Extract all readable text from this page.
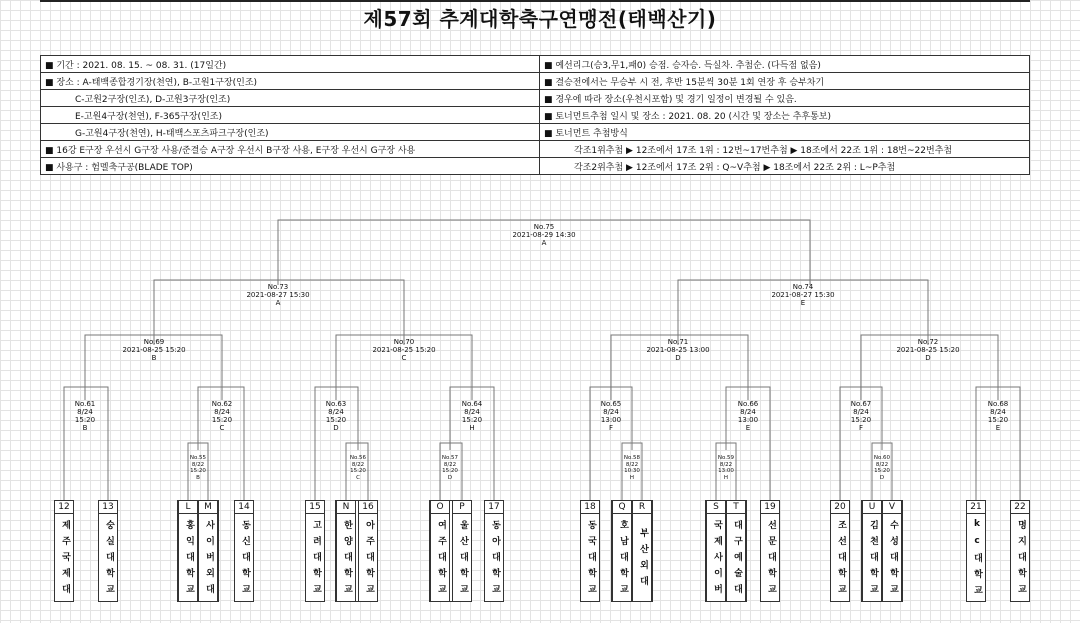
제57회 추계대학축구연맹전(태백산기)
■ 기간 : 2021. 08. 15. ~ 08. 31. (17일간)	■ 예선리그(승3,무1,패0) 승점. 승자승. 득실차. 추첨순. (다득점 없음)
■ 장소 : A-태백종합경기장(천연), B-고원1구장(인조)	■ 결승전에서는 무승부 시 전, 후반 15분씩 30분 1회 연장 후 승부차기
C-고원2구장(인조), D-고원3구장(인조)	■ 경우에 따라 장소(우천시포함) 및 경기 일정이 변경될 수 있음.
E-고원4구장(천연), F-365구장(인조)	■ 토너먼트추첨 일시 및 장소 : 2021. 08. 20 (시간 및 장소는 추후통보)
G-고원4구장(천연), H-태백스포츠파크구장(인조)	■ 토너먼트 추첨방식
■ 16강 E구장 우선시 G구장 사용/준결승 A구장 우선시 B구장 사용, E구장 우선시 G구장 사용	각조1위추첨 ▶ 12조에서 17조 1위 : 12번~17번추첨 ▶ 18조에서 22조 1위 : 18번~22번추첨
■ 사용구 : 험멜축구공(BLADE TOP)	각조2위추첨 ▶ 12조에서 17조 2위 : Q~V추첨 ▶ 18조에서 22조 2위 : L~P추첨
No.75
2021-08-29 14:30
A
No.73
2021-08-27 15:30
A
No.74
2021-08-27 15:30
E
No.69
2021-08-25 15:20
B
No.70
2021-08-25 15:20
C
No.71
2021-08-25 13:00
D
No.72
2021-08-25 15:20
D
No.61
8/24
15:20
B
No.62
8/24
15:20
C
No.63
8/24
15:20
D
No.64
8/24
15:20
H
No.65
8/24
13:00
F
No.66
8/24
13:00
E
No.67
8/24
15:20
F
No.68
8/24
15:20
E
No.55
8/22
15:20
B
No.56
8/22
15:20
C
No.57
8/22
15:20
D
No.58
8/22
10:30
H
No.59
8/22
13:00
H
No.60
8/22
15:20
D
12
제주국제대
13
숭실대학교
L
홍익대학교
M
사이버외대
14
동신대학교
15
고려대학교
N
한양대학교
16
아주대학교
O
여주대학교
P
울산대학교
17
동아대학교
18
동국대학교
Q
호남대학교
R
부산외대
S
국제사이버
T
대구예술대
19
선문대학교
20
조선대학교
U
김천대학교
V
수성대학교
21
kc대학교
22
명지대학교
